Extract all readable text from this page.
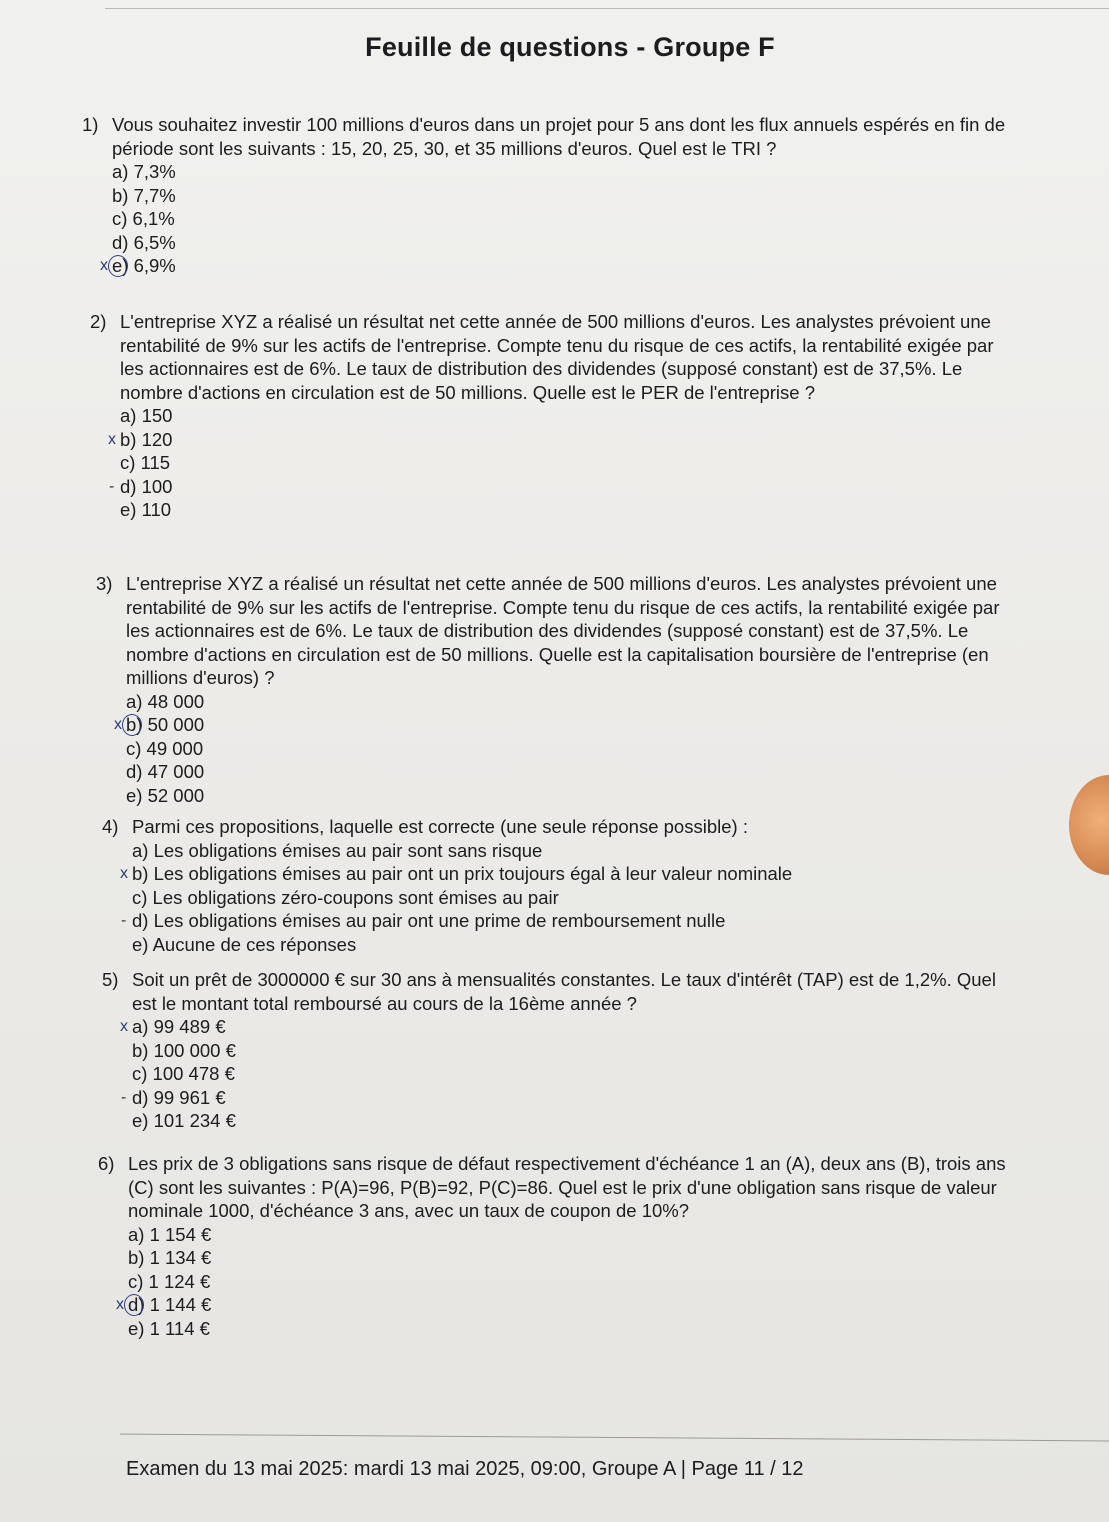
Feuille de questions - Groupe F
1) Vous souhaitez investir 100 millions d'euros dans un projet pour 5 ans dont les flux annuels espérés en fin de période sont les suivants : 15, 20, 25, 30, et 35 millions d'euros. Quel est le TRI ?
a) 7,3%
b) 7,7%
c) 6,1%
d) 6,5%
x e) 6,9%
2) L'entreprise XYZ a réalisé un résultat net cette année de 500 millions d'euros. Les analystes prévoient une rentabilité de 9% sur les actifs de l'entreprise. Compte tenu du risque de ces actifs, la rentabilité exigée par les actionnaires est de 6%. Le taux de distribution des dividendes (supposé constant) est de 37,5%. Le nombre d'actions en circulation est de 50 millions. Quelle est le PER de l'entreprise ?
a) 150
x b) 120
c) 115
- d) 100
e) 110
3) L'entreprise XYZ a réalisé un résultat net cette année de 500 millions d'euros. Les analystes prévoient une rentabilité de 9% sur les actifs de l'entreprise. Compte tenu du risque de ces actifs, la rentabilité exigée par les actionnaires est de 6%. Le taux de distribution des dividendes (supposé constant) est de 37,5%. Le nombre d'actions en circulation est de 50 millions. Quelle est la capitalisation boursière de l'entreprise (en millions d'euros) ?
a) 48 000
x b) 50 000
c) 49 000
d) 47 000
e) 52 000
4) Parmi ces propositions, laquelle est correcte (une seule réponse possible) :
a) Les obligations émises au pair sont sans risque
x b) Les obligations émises au pair ont un prix toujours égal à leur valeur nominale
c) Les obligations zéro-coupons sont émises au pair
- d) Les obligations émises au pair ont une prime de remboursement nulle
e) Aucune de ces réponses
5) Soit un prêt de 3000000 € sur 30 ans à mensualités constantes. Le taux d'intérêt (TAP) est de 1,2%. Quel est le montant total remboursé au cours de la 16ème année ?
x a) 99 489 €
b) 100 000 €
c) 100 478 €
- d) 99 961 €
e) 101 234 €
6) Les prix de 3 obligations sans risque de défaut respectivement d'échéance 1 an (A), deux ans (B), trois ans (C) sont les suivantes : P(A)=96, P(B)=92, P(C)=86. Quel est le prix d'une obligation sans risque de valeur nominale 1000, d'échéance 3 ans, avec un taux de coupon de 10%?
a) 1 154 €
b) 1 134 €
c) 1 124 €
x d) 1 144 €
e) 1 114 €
Examen du 13 mai 2025: mardi 13 mai 2025, 09:00, Groupe A | Page 11 / 12
